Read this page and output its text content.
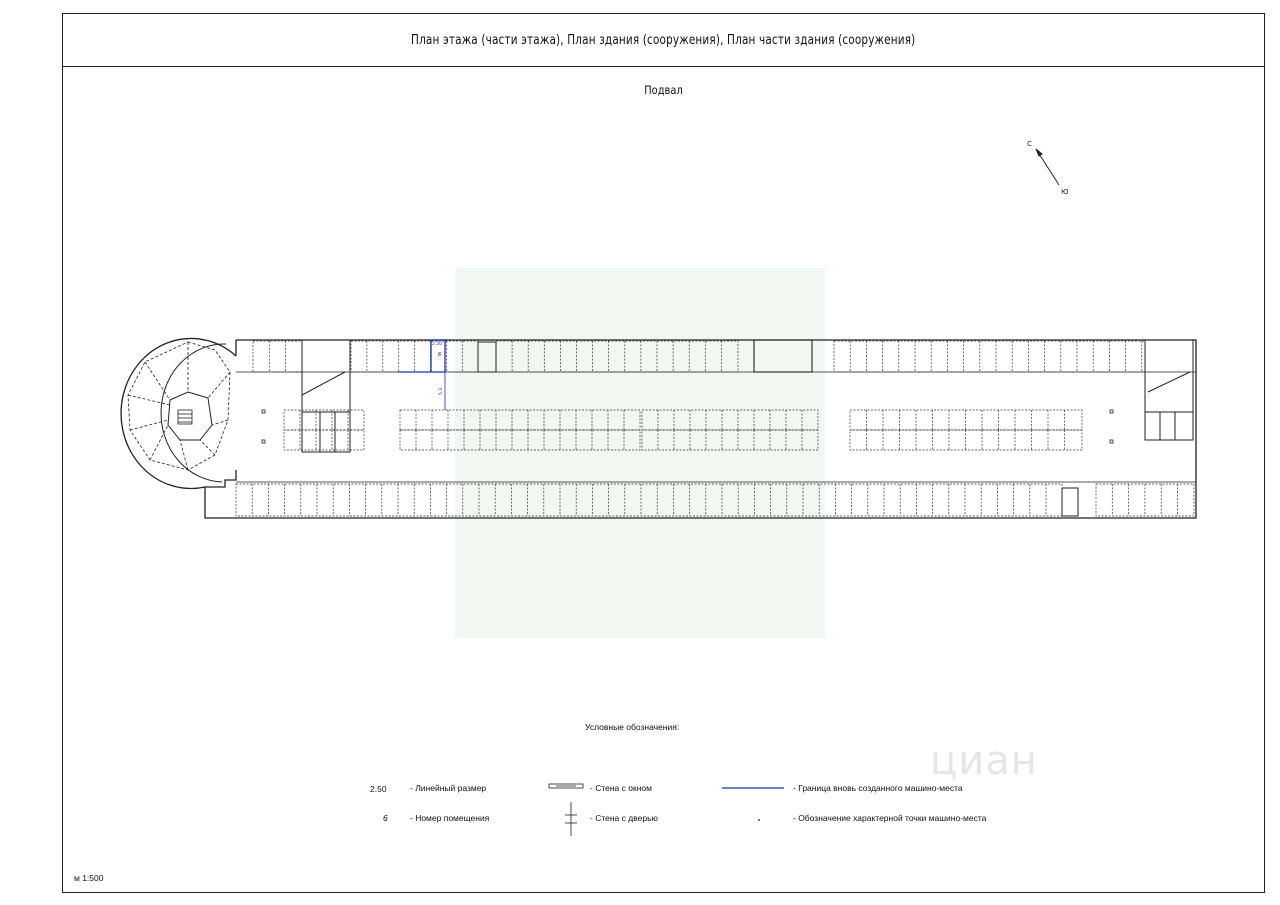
План этажа (части этажа), План здания (сооружения), План части здания (сооружения)
Подвал
циан
С
Ю
2.50
6
5.3
Условные обозначения:
2.50	- Линейный размер
6	- Номер помещения
- Стена с окном
- Стена с дверью
- Граница вновь созданного машино-места
- Обозначение характерной точки машино-места
м 1:500
